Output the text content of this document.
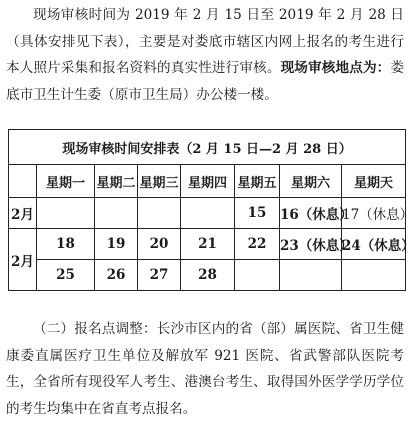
现场审核时间为 2019 年 2 月 15 日至 2019 年 2 月 28 日（具体安排见下表），主要是对娄底市辖区内网上报名的考生进行本人照片采集和报名资料的真实性进行审核。现场审核地点为：娄底市卫生计生委（原市卫生局）办公楼一楼。

现场审核时间安排表（2 月 15 日—2 月 28 日）							
	星期一	星期二	星期三	星期四	星期五	星期六	星期天
2月					15	16（休息）	17（休息）
2月	18	19	20	21	22	23（休息）	24（休息）
	25	26	27	28			

（二）报名点调整：长沙市区内的省（部）属医院、省卫生健康委直属医疗卫生单位及解放军 921 医院、省武警部队医院考生，全省所有现役军人考生、港澳台考生、取得国外医学学历学位的考生均集中在省直考点报名。
